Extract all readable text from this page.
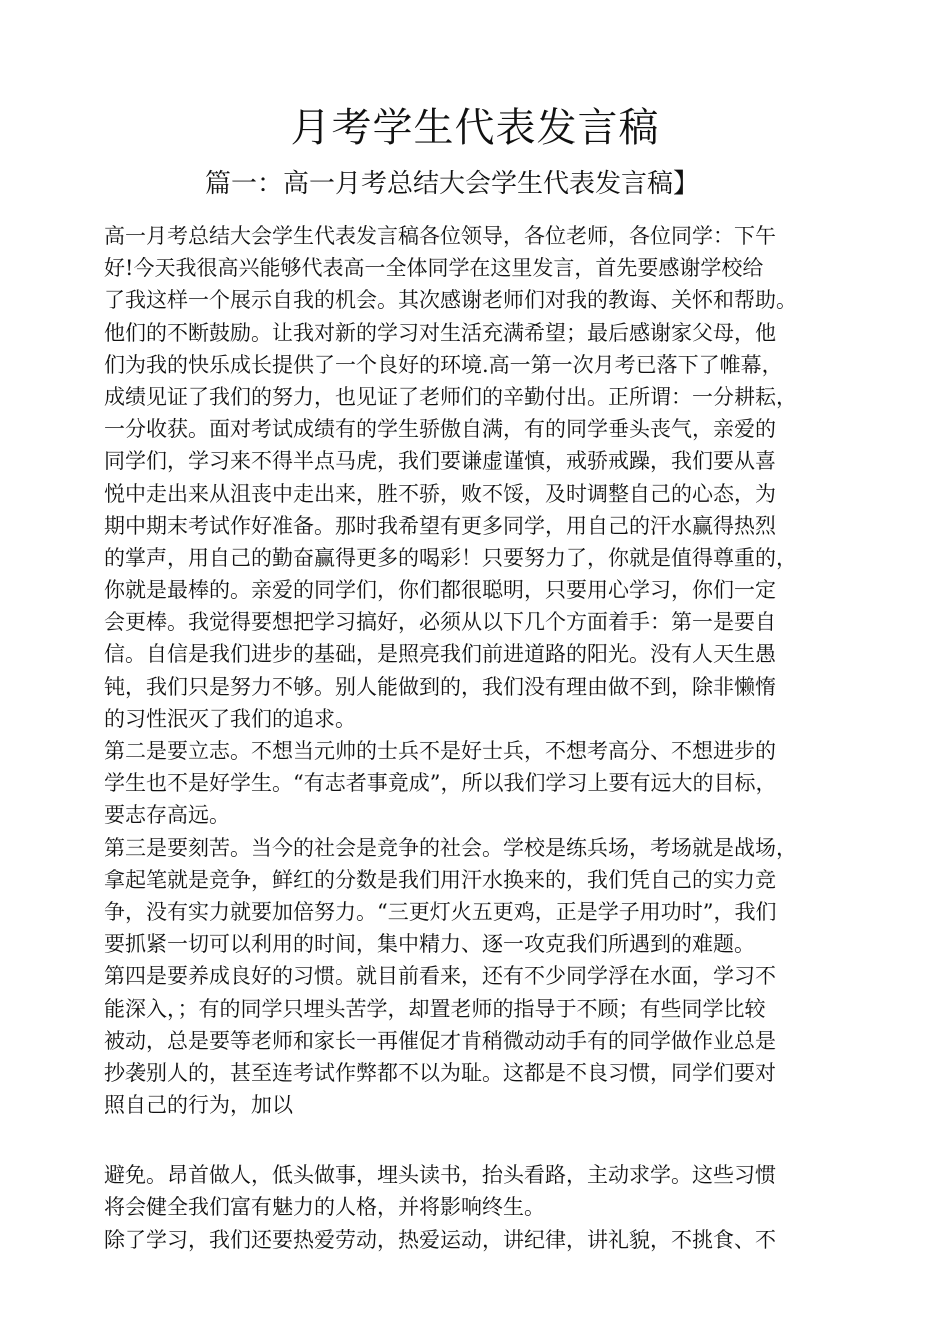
月考学生代表发言稿
篇一：高一月考总结大会学生代表发言稿】
高一月考总结大会学生代表发言稿各位领导，各位老师，各位同学：下午
好!今天我很高兴能够代表高一全体同学在这里发言，首先要感谢学校给
了我这样一个展示自我的机会。其次感谢老师们对我的教诲、关怀和帮助。
他们的不断鼓励。让我对新的学习对生活充满希望；最后感谢家父母，他
们为我的快乐成长提供了一个良好的环境.高一第一次月考已落下了帷幕，
成绩见证了我们的努力，也见证了老师们的辛勤付出。正所谓：一分耕耘，
一分收获。面对考试成绩有的学生骄傲自满，有的同学垂头丧气，亲爱的
同学们，学习来不得半点马虎，我们要谦虚谨慎，戒骄戒躁，我们要从喜
悦中走出来从沮丧中走出来，胜不骄，败不馁，及时调整自己的心态，为
期中期末考试作好准备。那时我希望有更多同学，用自己的汗水赢得热烈
的掌声，用自己的勤奋赢得更多的喝彩！只要努力了，你就是值得尊重的，
你就是最棒的。亲爱的同学们，你们都很聪明，只要用心学习，你们一定
会更棒。我觉得要想把学习搞好，必须从以下几个方面着手：第一是要自
信。自信是我们进步的基础，是照亮我们前进道路的阳光。没有人天生愚
钝，我们只是努力不够。别人能做到的，我们没有理由做不到，除非懒惰
的习性泯灭了我们的追求。
第二是要立志。不想当元帅的士兵不是好士兵，不想考高分、不想进步的
学生也不是好学生。“有志者事竟成”，所以我们学习上要有远大的目标，
要志存高远。
第三是要刻苦。当今的社会是竞争的社会。学校是练兵场，考场就是战场，
拿起笔就是竞争，鲜红的分数是我们用汗水换来的，我们凭自己的实力竞
争，没有实力就要加倍努力。“三更灯火五更鸡，正是学子用功时”，我们
要抓紧一切可以利用的时间，集中精力、逐一攻克我们所遇到的难题。
第四是要养成良好的习惯。就目前看来，还有不少同学浮在水面，学习不
能深入，；有的同学只埋头苦学，却置老师的指导于不顾；有些同学比较
被动，总是要等老师和家长一再催促才肯稍微动动手有的同学做作业总是
抄袭别人的，甚至连考试作弊都不以为耻。这都是不良习惯，同学们要对
照自己的行为，加以
避免。昂首做人，低头做事，埋头读书，抬头看路，主动求学。这些习惯
将会健全我们富有魅力的人格，并将影响终生。
除了学习，我们还要热爱劳动，热爱运动，讲纪律，讲礼貌，不挑食、不
